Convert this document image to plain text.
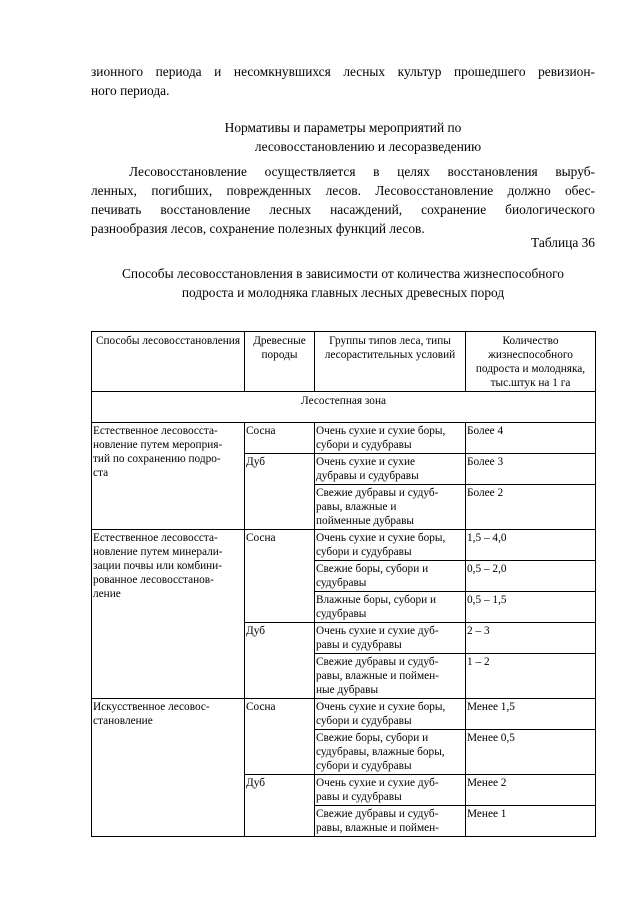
зионного периода и несомкнувшихся лесных культур прошедшего ревизион-
ного периода.

Нормативы и параметры мероприятий по
лесовосстановлению и лесоразведению

Лесовосстановление осуществляется в целях восстановления выруб-
ленных, погибших, поврежденных лесов. Лесовосстановление должно обес-
печивать восстановление лесных насаждений, сохранение биологического
разнообразия лесов, сохранение полезных функций лесов.

Таблица 36
Способы лесовосстановления в зависимости от количества жизнеспособного
подроста и молодняка главных лесных древесных пород
Способы лесовосстановления	Древесные породы	Группы типов леса, типы лесорастительных условий	Количество жизнеспособного подроста и молодняка, тыс.штук на 1 га
Лесостепная зона			

Естественное лесовосста-
новление путем мероприя-
тий по сохранению подро-
ста	Сосна	Очень сухие и сухие боры,
субори и судубравы	Более 4
	Дуб	Очень сухие и сухие
дубравы и судубравы	Более 3

		Свежие дубравы и судуб-
равы, влажные и
пойменные дубравы	Более 2

Естественное лесовосста-
новление путем минерали-
зации почвы или комбини-
рованное лесовосстанов-
ление	Сосна	Очень сухие и сухие боры,
субори и судубравы	1,5 – 4,0

		Свежие боры, субори и
судубравы	0,5 – 2,0

		Влажные боры, субори и
судубравы	0,5 – 1,5
	Дуб	Очень сухие и сухие дуб-
равы и судубравы	2 – 3

		Свежие дубравы и судуб-
равы, влажные и поймен-
ные дубравы	1 – 2

Искусственное лесовос-
становление	Сосна	Очень сухие и сухие боры,
субори и судубравы	Менее 1,5

		Свежие боры, субори и
судубравы, влажные боры,
субори и судубравы	Менее 0,5
	Дуб	Очень сухие и сухие дуб-
равы и судубравы	Менее 2

		Свежие дубравы и судуб-
равы, влажные и поймен-	Менее 1
